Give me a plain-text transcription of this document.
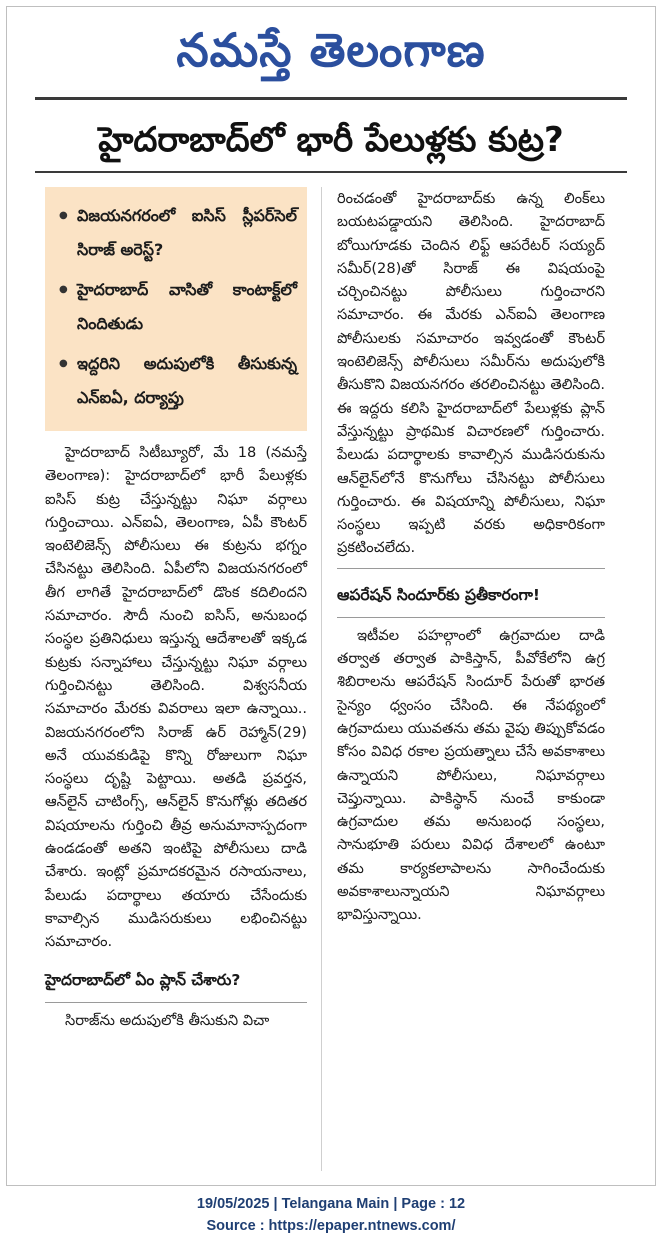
నమస్తే తెలంగాణ
హైదరాబాద్‌లో భారీ పేలుళ్లకు కుట్ర?
● విజయనగరంలో ఐసిస్ స్లీపర్‌సెల్ సిరాజ్ అరెస్ట్?
● హైదరాబాద్ వాసితో కాంటాక్ట్‌లో నిందితుడు
● ఇద్దరిని అదుపులోకి తీసుకున్న ఎన్ఐఏ, దర్యాప్తు

హైదరాబాద్ సిటీబ్యూరో, మే 18 (నమస్తే తెలంగాణ): హైదరాబాద్‌లో భారీ పేలుళ్లకు ఐసిస్ కుట్ర చేస్తున్నట్టు నిఘా వర్గాలు గుర్తించాయి. ఎన్ఐఏ, తెలంగాణ, ఏపీ కౌంటర్ ఇంటెలిజెన్స్ పోలీసులు ఈ కుట్రను భగ్నం చేసినట్టు తెలిసింది. ఏపీలోని విజయనగరంలో తీగ లాగితే హైదరాబాద్‌లో డొంక కదిలిందని సమాచారం. సౌదీ నుంచి ఐసిస్, అనుబంధ సంస్థల ప్రతినిధులు ఇస్తున్న ఆదేశాలతో ఇక్కడ కుట్రకు సన్నాహాలు చేస్తున్నట్టు నిఘా వర్గాలు గుర్తించినట్టు తెలిసింది. విశ్వసనీయ సమాచారం మేరకు వివరాలు ఇలా ఉన్నాయి.. విజయనగరంలోని సిరాజ్ ఉర్ రెహ్మాన్(29) అనే యువకుడిపై కొన్ని రోజులుగా నిఘా సంస్థలు దృష్టి పెట్టాయి. అతడి ప్రవర్తన, ఆన్‌లైన్ చాటింగ్స్, ఆన్‌లైన్ కొనుగోళ్లు తదితర విషయాలను గుర్తించి తీవ్ర అనుమానాస్పదంగా ఉండడంతో అతని ఇంటిపై పోలీసులు దాడి చేశారు. ఇంట్లో ప్రమాదకరమైన రసాయనాలు, పేలుడు పదార్థాలు తయారు చేసేందుకు కావాల్సిన ముడిసరుకులు లభించినట్టు సమాచారం.

హైదరాబాద్‌లో ఏం ప్లాన్ చేశారు?

సిరాజ్‌ను అదుపులోకి తీసుకుని విచా

రించడంతో హైదరాబాద్‌కు ఉన్న లింక్‌లు బయటపడ్డాయని తెలిసింది. హైదరాబాద్ బోయిగూడకు చెందిన లిఫ్ట్ ఆపరేటర్ సయ్యద్ సమీర్(28)తో సిరాజ్ ఈ విషయంపై చర్చించినట్టు పోలీసులు గుర్తించారని సమాచారం. ఈ మేరకు ఎన్ఐఏ తెలంగాణ పోలీసులకు సమాచారం ఇవ్వడంతో కౌంటర్ ఇంటెలిజెన్స్ పోలీసులు సమీర్‌ను అదుపులోకి తీసుకొని విజయనగరం తరలించినట్టు తెలిసింది. ఈ ఇద్దరు కలిసి హైదరాబాద్‌లో పేలుళ్లకు ప్లాన్ వేస్తున్నట్టు ప్రాథమిక విచారణలో గుర్తించారు. పేలుడు పదార్థాలకు కావాల్సిన ముడిసరుకును ఆన్‌లైన్‌లోనే కొనుగోలు చేసినట్టు పోలీసులు గుర్తించారు. ఈ విషయాన్ని పోలీసులు, నిఘా సంస్థలు ఇప్పటి వరకు అధికారికంగా ప్రకటించలేదు.

ఆపరేషన్ సిందూర్‌కు ప్రతీకారంగా!

ఇటీవల పహల్గాంలో ఉగ్రవాదుల దాడి తర్వాత తర్వాత పాకిస్తాన్, పీవోకేలోని ఉగ్ర శిబిరాలను ఆపరేషన్ సిందూర్ పేరుతో భారత సైన్యం ధ్వంసం చేసింది. ఈ నేపథ్యంలో ఉగ్రవాదులు యువతను తమ వైపు తిప్పుకోవడం కోసం వివిధ రకాల ప్రయత్నాలు చేసే అవకాశాలు ఉన్నాయని పోలీసులు, నిఘావర్గాలు చెప్తున్నాయి. పాకిస్థాన్ నుంచే కాకుండా ఉగ్రవాదుల తమ అనుబంధ సంస్థలు, సానుభూతి పరులు వివిధ దేశాలలో ఉంటూ తమ కార్యకలాపాలను సాగించేందుకు అవకాశాలున్నాయని నిఘావర్గాలు భావిస్తున్నాయి.

19/05/2025 | Telangana Main | Page : 12
Source : https://epaper.ntnews.com/
